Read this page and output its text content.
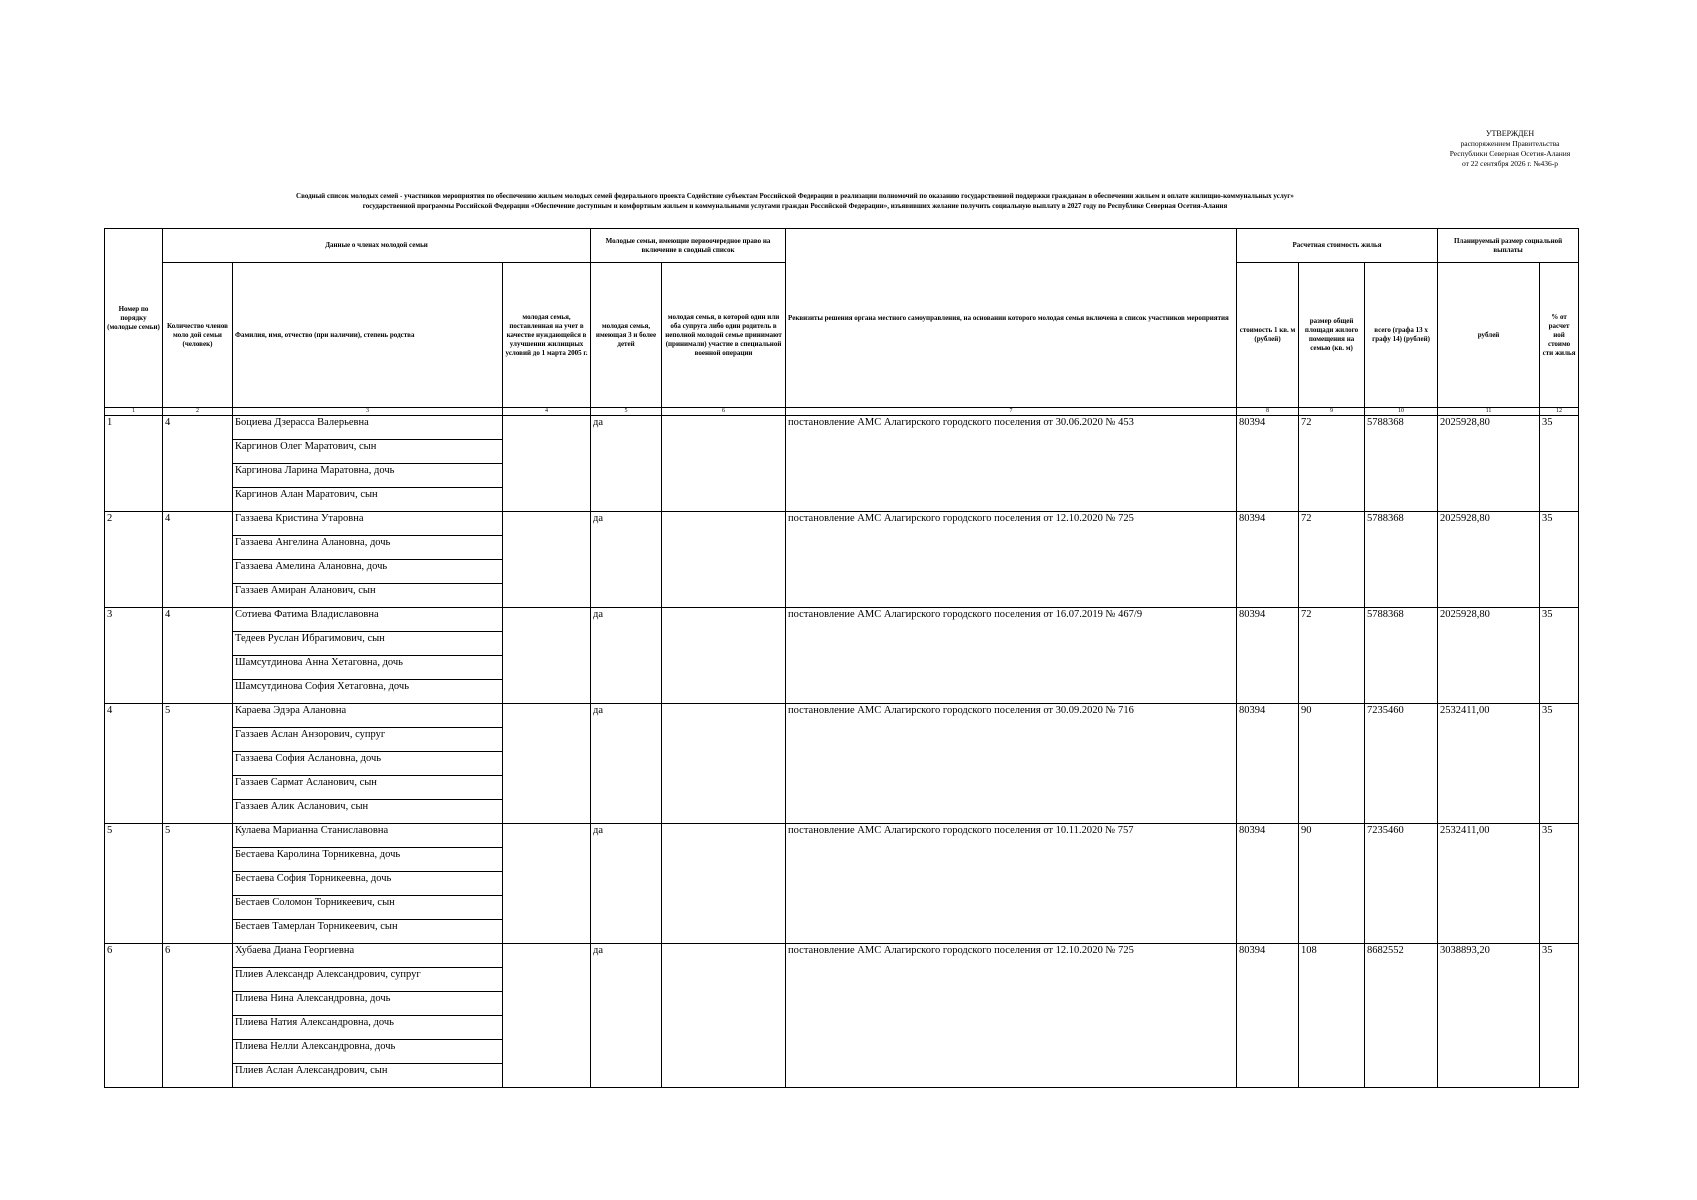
УТВЕРЖДЕН
распоряжением Правительства
Республики Северная Осетия-Алания
от 22 сентября 2026 г. №436-р
Сводный список молодых семей - участников мероприятия по обеспечению жильем молодых семей федерального проекта Содействие субъектам Российской Федерации в реализации полномочий по оказанию государственной поддержки гражданам в обеспечении жильем и оплате жилищно-коммунальных услуг»
государственной программы Российской Федерации «Обеспечение доступным и комфортным жильем и коммунальными услугами граждан Российской Федерации», изъявивших желание получить социальную выплату в 2027 году по Республике Северная Осетия-Алания
Номер по порядку (молодые семьи)	Данные о членах молодой семьи			Молодые семьи, имеющие первоочередное право на включение в сводный список		Реквизиты решения органа местного самоуправления, на основании которого молодая семья включена в список участников мероприятия	Расчетная стоимость жилья			Планируемый размер социальной выплаты	
	Количество членов моло дой семьи (человек)	Фамилия, имя, отчество (при наличии), степень родства	молодая семья, поставленная на учет в качестве нуждающейся в улучшении жилищных условий до 1 марта 2005 г.	молодая семья, имеющая 3 и более детей	молодая семья, в которой один или оба супруга либо один родитель в неполной молодой семье принимают (принимали) участие в специальной военной операции		стоимость 1 кв. м (рублей)	размер общей площади жилого помещения на семью (кв. м)	всего (графа 13 x графу 14) (рублей)	рублей	% от расчет ной стоимо сти жилья
1	2	3	4	5	6	7	8	9	10	11	12
1	4	Боциева Дзерасса Валерьевна		да		постановление АМС Алагирского городского поселения от 30.06.2020 № 453	80394	72	5788368	2025928,80	35
		Каргинов Олег Маратович, сын									
		Каргинова Ларина Маратовна, дочь									
		Каргинов Алан Маратович, сын									
2	4	Газзаева Кристина Утаровна		да		постановление АМС Алагирского городского поселения от 12.10.2020 № 725	80394	72	5788368	2025928,80	35
		Газзаева Ангелина Алановна, дочь									
		Газзаева Амелина Алановна, дочь									
		Газзаев Амиран Аланович, сын									
3	4	Сотиева Фатима Владиславовна		да		постановление АМС Алагирского городского поселения от 16.07.2019 № 467/9	80394	72	5788368	2025928,80	35
		Тедеев Руслан Ибрагимович, сын									
		Шамсутдинова Анна Хетаговна, дочь									
		Шамсутдинова София Хетаговна, дочь									
4	5	Караева Эдэра Алановна		да		постановление АМС Алагирского городского поселения от 30.09.2020 № 716	80394	90	7235460	2532411,00	35
		Газзаев Аслан Анзорович, супруг									
		Газзаева София Аслановна, дочь									
		Газзаев Сармат Асланович, сын									
		Газзаев Алик Асланович, сын									
5	5	Кулаева Марианна Станиславовна		да		постановление АМС Алагирского городского поселения от 10.11.2020 № 757	80394	90	7235460	2532411,00	35
		Бестаева Каролина Торникевна, дочь									
		Бестаева София Торникеевна, дочь									
		Бестаев Соломон Торникеевич, сын									
		Бестаев Тамерлан Торникеевич, сын									
6	6	Хубаева Диана Георгиевна		да		постановление АМС Алагирского городского поселения от 12.10.2020 № 725	80394	108	8682552	3038893,20	35
		Плиев Александр Александрович, супруг									
		Плиева Нина Александровна, дочь									
		Плиева Натия Александровна, дочь									
		Плиева Нелли Александровна, дочь									
		Плиев Аслан Александрович, сын									
